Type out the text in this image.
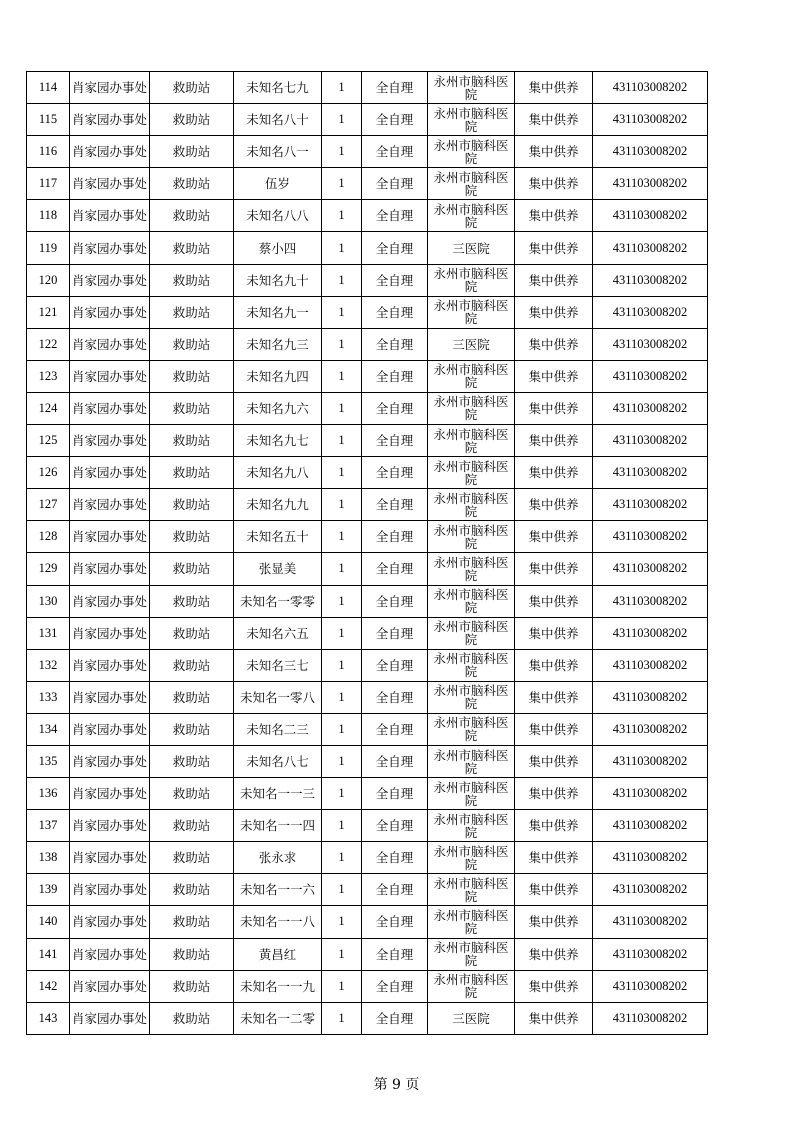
114	肖家园办事处	救助站	未知名七九	1	全自理	永州市脑科医院	集中供养	431103008202
115	肖家园办事处	救助站	未知名八十	1	全自理	永州市脑科医院	集中供养	431103008202
116	肖家园办事处	救助站	未知名八一	1	全自理	永州市脑科医院	集中供养	431103008202
117	肖家园办事处	救助站	伍岁	1	全自理	永州市脑科医院	集中供养	431103008202
118	肖家园办事处	救助站	未知名八八	1	全自理	永州市脑科医院	集中供养	431103008202
119	肖家园办事处	救助站	蔡小四	1	全自理	三医院	集中供养	431103008202
120	肖家园办事处	救助站	未知名九十	1	全自理	永州市脑科医院	集中供养	431103008202
121	肖家园办事处	救助站	未知名九一	1	全自理	永州市脑科医院	集中供养	431103008202
122	肖家园办事处	救助站	未知名九三	1	全自理	三医院	集中供养	431103008202
123	肖家园办事处	救助站	未知名九四	1	全自理	永州市脑科医院	集中供养	431103008202
124	肖家园办事处	救助站	未知名九六	1	全自理	永州市脑科医院	集中供养	431103008202
125	肖家园办事处	救助站	未知名九七	1	全自理	永州市脑科医院	集中供养	431103008202
126	肖家园办事处	救助站	未知名九八	1	全自理	永州市脑科医院	集中供养	431103008202
127	肖家园办事处	救助站	未知名九九	1	全自理	永州市脑科医院	集中供养	431103008202
128	肖家园办事处	救助站	未知名五十	1	全自理	永州市脑科医院	集中供养	431103008202
129	肖家园办事处	救助站	张显美	1	全自理	永州市脑科医院	集中供养	431103008202
130	肖家园办事处	救助站	未知名一零零	1	全自理	永州市脑科医院	集中供养	431103008202
131	肖家园办事处	救助站	未知名六五	1	全自理	永州市脑科医院	集中供养	431103008202
132	肖家园办事处	救助站	未知名三七	1	全自理	永州市脑科医院	集中供养	431103008202
133	肖家园办事处	救助站	未知名一零八	1	全自理	永州市脑科医院	集中供养	431103008202
134	肖家园办事处	救助站	未知名二三	1	全自理	永州市脑科医院	集中供养	431103008202
135	肖家园办事处	救助站	未知名八七	1	全自理	永州市脑科医院	集中供养	431103008202
136	肖家园办事处	救助站	未知名一一三	1	全自理	永州市脑科医院	集中供养	431103008202
137	肖家园办事处	救助站	未知名一一四	1	全自理	永州市脑科医院	集中供养	431103008202
138	肖家园办事处	救助站	张永求	1	全自理	永州市脑科医院	集中供养	431103008202
139	肖家园办事处	救助站	未知名一一六	1	全自理	永州市脑科医院	集中供养	431103008202
140	肖家园办事处	救助站	未知名一一八	1	全自理	永州市脑科医院	集中供养	431103008202
141	肖家园办事处	救助站	黄昌红	1	全自理	永州市脑科医院	集中供养	431103008202
142	肖家园办事处	救助站	未知名一一九	1	全自理	永州市脑科医院	集中供养	431103008202
143	肖家园办事处	救助站	未知名一二零	1	全自理	三医院	集中供养	431103008202
第 9 页
